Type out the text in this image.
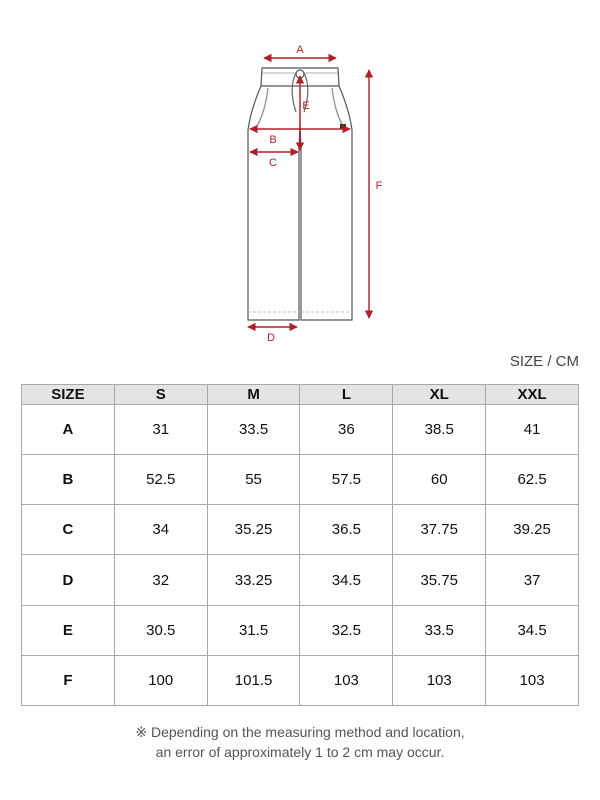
A
B
C
D
E
F
SIZE / CM
SIZE	S	M	L	XL	XXL
A	31	33.5	36	38.5	41
B	52.5	55	57.5	60	62.5
C	34	35.25	36.5	37.75	39.25
D	32	33.25	34.5	35.75	37
E	30.5	31.5	32.5	33.5	34.5
F	100	101.5	103	103	103
※ Depending on the measuring method and location,
an error of approximately 1 to 2 cm may occur.
